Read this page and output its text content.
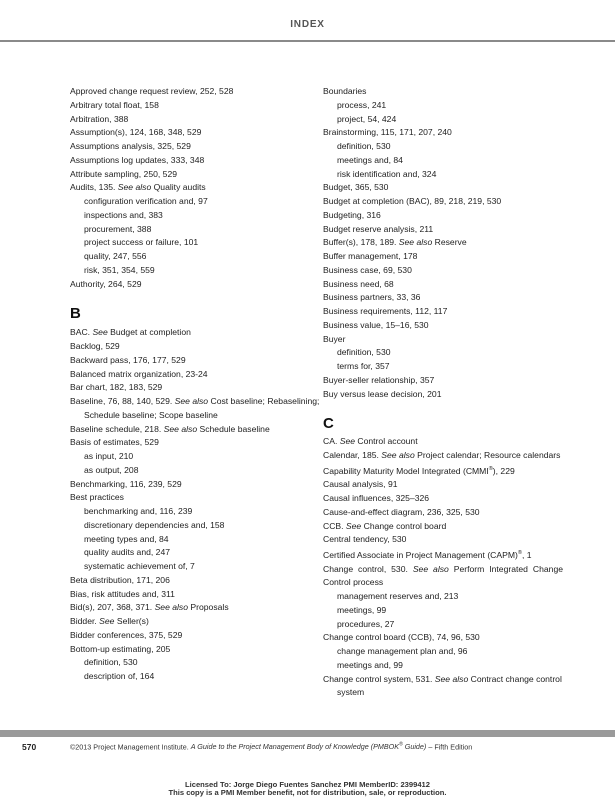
INDEX
Approved change request review, 252, 528
Arbitrary total float, 158
Arbitration, 388
Assumption(s), 124, 168, 348, 529
Assumptions analysis, 325, 529
Assumptions log updates, 333, 348
Attribute sampling, 250, 529
Audits, 135. See also Quality audits
configuration verification and, 97
inspections and, 383
procurement, 388
project success or failure, 101
quality, 247, 556
risk, 351, 354, 559
Authority, 264, 529
B
BAC. See Budget at completion
Backlog, 529
Backward pass, 176, 177, 529
Balanced matrix organization, 23-24
Bar chart, 182, 183, 529
Baseline, 76, 88, 140, 529. See also Cost baseline; Rebaselining;
Schedule baseline; Scope baseline
Baseline schedule, 218. See also Schedule baseline
Basis of estimates, 529
as input, 210
as output, 208
Benchmarking, 116, 239, 529
Best practices
benchmarking and, 116, 239
discretionary dependencies and, 158
meeting types and, 84
quality audits and, 247
systematic achievement of, 7
Beta distribution, 171, 206
Bias, risk attitudes and, 311
Bid(s), 207, 368, 371. See also Proposals
Bidder. See Seller(s)
Bidder conferences, 375, 529
Bottom-up estimating, 205
definition, 530
description of, 164
Boundaries
process, 241
project, 54, 424
Brainstorming, 115, 171, 207, 240
definition, 530
meetings and, 84
risk identification and, 324
Budget, 365, 530
Budget at completion (BAC), 89, 218, 219, 530
Budgeting, 316
Budget reserve analysis, 211
Buffer(s), 178, 189. See also Reserve
Buffer management, 178
Business case, 69, 530
Business need, 68
Business partners, 33, 36
Business requirements, 112, 117
Business value, 15–16, 530
Buyer
definition, 530
terms for, 357
Buyer-seller relationship, 357
Buy versus lease decision, 201
C
CA. See Control account
Calendar, 185. See also Project calendar; Resource calendars
Capability Maturity Model Integrated (CMMI®), 229
Causal analysis, 91
Causal influences, 325–326
Cause-and-effect diagram, 236, 325, 530
CCB. See Change control board
Central tendency, 530
Certified Associate in Project Management (CAPM)®, 1
Change control, 530. See also Perform Integrated Change
Control process
management reserves and, 213
meetings, 99
procedures, 27
Change control board (CCB), 74, 96, 530
change management plan and, 96
meetings and, 99
Change control system, 531. See also Contract change control
system
570	©2013 Project Management Institute. A Guide to the Project Management Body of Knowledge (PMBOK® Guide) – Fifth Edition
Licensed To: Jorge Diego Fuentes Sanchez PMI MemberID: 2399412
This copy is a PMI Member benefit, not for distribution, sale, or reproduction.
